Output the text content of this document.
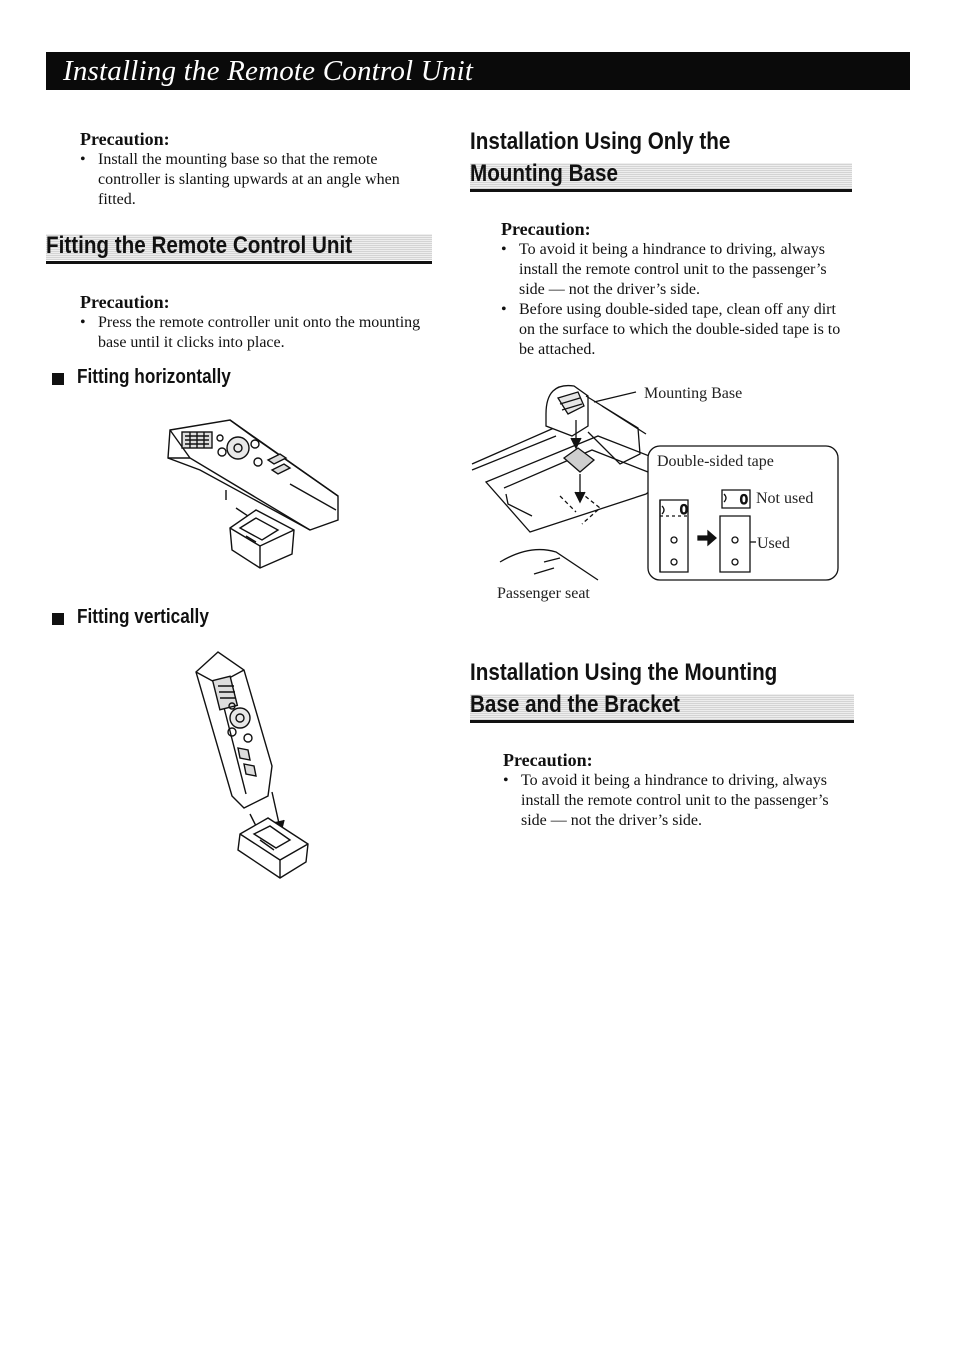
Installing the Remote Control Unit
Precaution:
• Install the mounting base so that the remote controller is slanting upwards at an angle when fitted.
Fitting the Remote Control Unit
Precaution:
• Press the remote controller unit onto the mounting base until it clicks into place.
Fitting horizontally
Fitting vertically
Installation Using Only the
Mounting Base
Precaution:
• To avoid it being a hindrance to driving, always install the remote control unit to the passenger’s side — not the driver’s side.
• Before using double-sided tape, clean off any dirt on the surface to which the double-sided tape is to be attached.
0
0
Mounting Base
Double-sided tape
Not used
Used
Passenger seat
Installation Using the Mounting
Base and the Bracket
Precaution:
• To avoid it being a hindrance to driving, always install the remote control unit to the passenger’s side — not the driver’s side.
